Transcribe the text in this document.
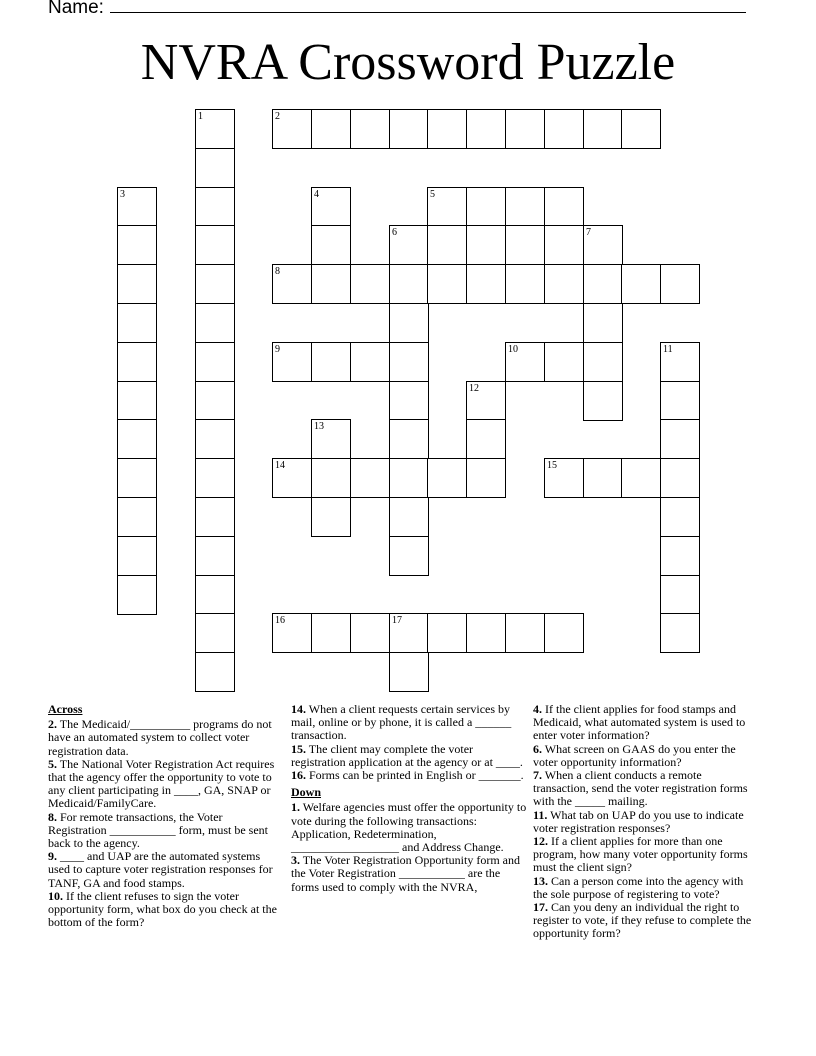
Name:
NVRA Crossword Puzzle
1	2
3	4	5
6	7
8
9	10	11
12
13
14	15
16	17
Across

2. The Medicaid/__________ programs do not have an automated system to collect voter registration data.

5. The National Voter Registration Act requires that the agency offer the opportunity to vote to any client participating in ____, GA, SNAP or Medicaid/FamilyCare.

8. For remote transactions, the Voter Registration ___________ form, must be sent back to the agency.

9. ____ and UAP are the automated systems used to capture voter registration responses for TANF, GA and food stamps.

10. If the client refuses to sign the voter opportunity form, what box do you check at the bottom of the form?

14. When a client requests certain services by mail, online or by phone, it is called a ______ transaction.

15. The client may complete the voter registration application at the agency or at ____.

16. Forms can be printed in English or _______.

Down

1. Welfare agencies must offer the opportunity to vote during the following transactions: Application, Redetermination, __________________ and Address Change.

3. The Voter Registration Opportunity form and the Voter Registration ___________ are the forms used to comply with the NVRA,

4. If the client applies for food stamps and Medicaid, what automated system is used to enter voter information?

6. What screen on GAAS do you enter the voter opportunity information?

7. When a client conducts a remote transaction, send the voter registration forms with the _____ mailing.

11. What tab on UAP do you use to indicate voter registration responses?

12. If a client applies for more than one program, how many voter opportunity forms must the client sign?

13. Can a person come into the agency with the sole purpose of registering to vote?

17. Can you deny an individual the right to register to vote, if they refuse to complete the opportunity form?
